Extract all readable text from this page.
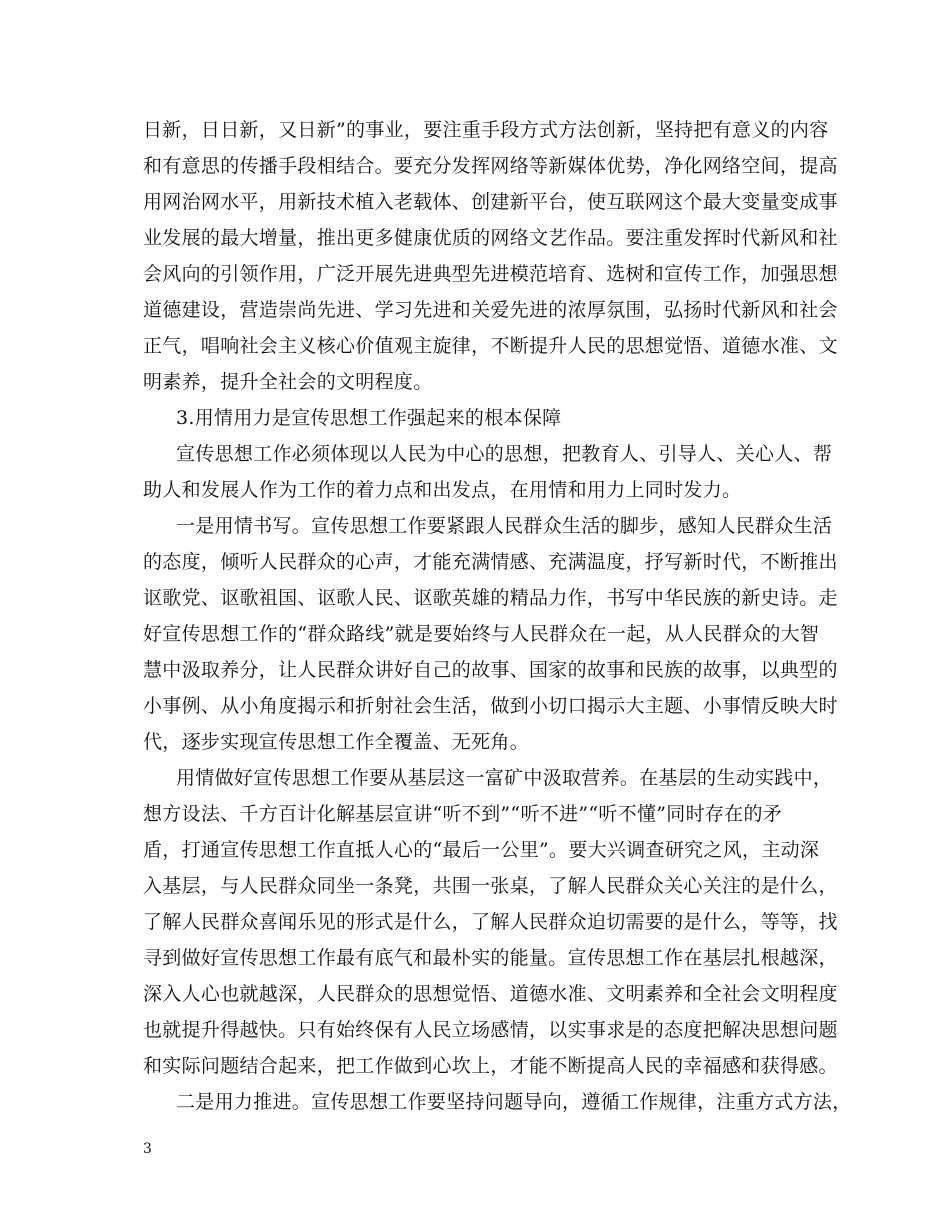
日新，日日新，又日新”的事业，要注重手段方式方法创新，坚持把有意义的内容
和有意思的传播手段相结合。要充分发挥网络等新媒体优势，净化网络空间，提高
用网治网水平，用新技术植入老载体、创建新平台，使互联网这个最大变量变成事
业发展的最大增量，推出更多健康优质的网络文艺作品。要注重发挥时代新风和社
会风向的引领作用，广泛开展先进典型先进模范培育、选树和宣传工作，加强思想
道德建设，营造崇尚先进、学习先进和关爱先进的浓厚氛围，弘扬时代新风和社会
正气，唱响社会主义核心价值观主旋律，不断提升人民的思想觉悟、道德水准、文
明素养，提升全社会的文明程度。
3.用情用力是宣传思想工作强起来的根本保障
宣传思想工作必须体现以人民为中心的思想，把教育人、引导人、关心人、帮
助人和发展人作为工作的着力点和出发点，在用情和用力上同时发力。
一是用情书写。宣传思想工作要紧跟人民群众生活的脚步，感知人民群众生活
的态度，倾听人民群众的心声，才能充满情感、充满温度，抒写新时代，不断推出
讴歌党、讴歌祖国、讴歌人民、讴歌英雄的精品力作，书写中华民族的新史诗。走
好宣传思想工作的“群众路线”就是要始终与人民群众在一起，从人民群众的大智
慧中汲取养分，让人民群众讲好自己的故事、国家的故事和民族的故事，以典型的
小事例、从小角度揭示和折射社会生活，做到小切口揭示大主题、小事情反映大时
代，逐步实现宣传思想工作全覆盖、无死角。
用情做好宣传思想工作要从基层这一富矿中汲取营养。在基层的生动实践中，
想方设法、千方百计化解基层宣讲“听不到”“听不进”“听不懂”同时存在的矛
盾，打通宣传思想工作直抵人心的“最后一公里”。要大兴调查研究之风，主动深
入基层，与人民群众同坐一条凳，共围一张桌，了解人民群众关心关注的是什么，
了解人民群众喜闻乐见的形式是什么，了解人民群众迫切需要的是什么，等等，找
寻到做好宣传思想工作最有底气和最朴实的能量。宣传思想工作在基层扎根越深，
深入人心也就越深，人民群众的思想觉悟、道德水准、文明素养和全社会文明程度
也就提升得越快。只有始终保有人民立场感情，以实事求是的态度把解决思想问题
和实际问题结合起来，把工作做到心坎上，才能不断提高人民的幸福感和获得感。
二是用力推进。宣传思想工作要坚持问题导向，遵循工作规律，注重方式方法，
3
